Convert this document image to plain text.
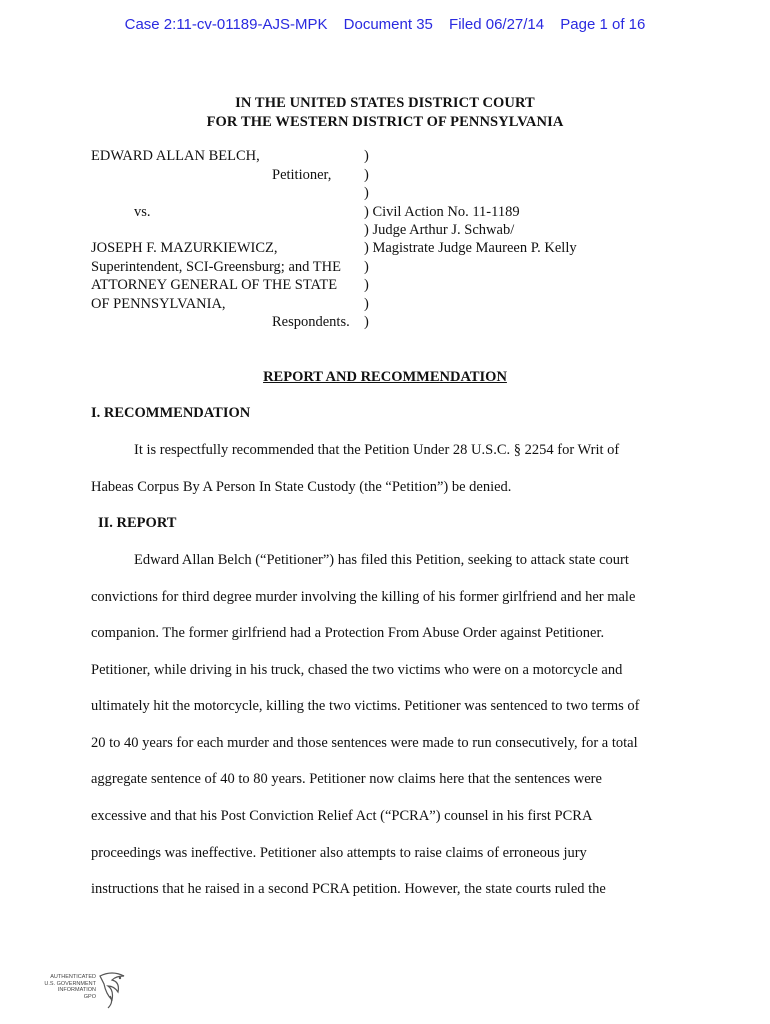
Case 2:11-cv-01189-AJS-MPK Document 35 Filed 06/27/14 Page 1 of 16
IN THE UNITED STATES DISTRICT COURT
FOR THE WESTERN DISTRICT OF PENNSYLVANIA
EDWARD ALLAN BELCH,
Petitioner,
vs.
JOSEPH F. MAZURKIEWICZ,
Superintendent, SCI-Greensburg; and THE
ATTORNEY GENERAL OF THE STATE
OF PENNSYLVANIA,
Respondents.
)
)
)
) Civil Action No. 11-1189
) Judge Arthur J. Schwab/
) Magistrate Judge Maureen P. Kelly
)
)
)
)
REPORT AND RECOMMENDATION
I. RECOMMENDATION
It is respectfully recommended that the Petition Under 28 U.S.C. § 2254 for Writ of
Habeas Corpus By A Person In State Custody (the “Petition”) be denied.
II. REPORT
Edward Allan Belch (“Petitioner”) has filed this Petition, seeking to attack state court
convictions for third degree murder involving the killing of his former girlfriend and her male
companion. The former girlfriend had a Protection From Abuse Order against Petitioner.
Petitioner, while driving in his truck, chased the two victims who were on a motorcycle and
ultimately hit the motorcycle, killing the two victims. Petitioner was sentenced to two terms of
20 to 40 years for each murder and those sentences were made to run consecutively, for a total
aggregate sentence of 40 to 80 years. Petitioner now claims here that the sentences were
excessive and that his Post Conviction Relief Act (“PCRA”) counsel in his first PCRA
proceedings was ineffective. Petitioner also attempts to raise claims of erroneous jury
instructions that he raised in a second PCRA petition. However, the state courts ruled the
AUTHENTICATED
U.S. GOVERNMENT
INFORMATION
GPO
